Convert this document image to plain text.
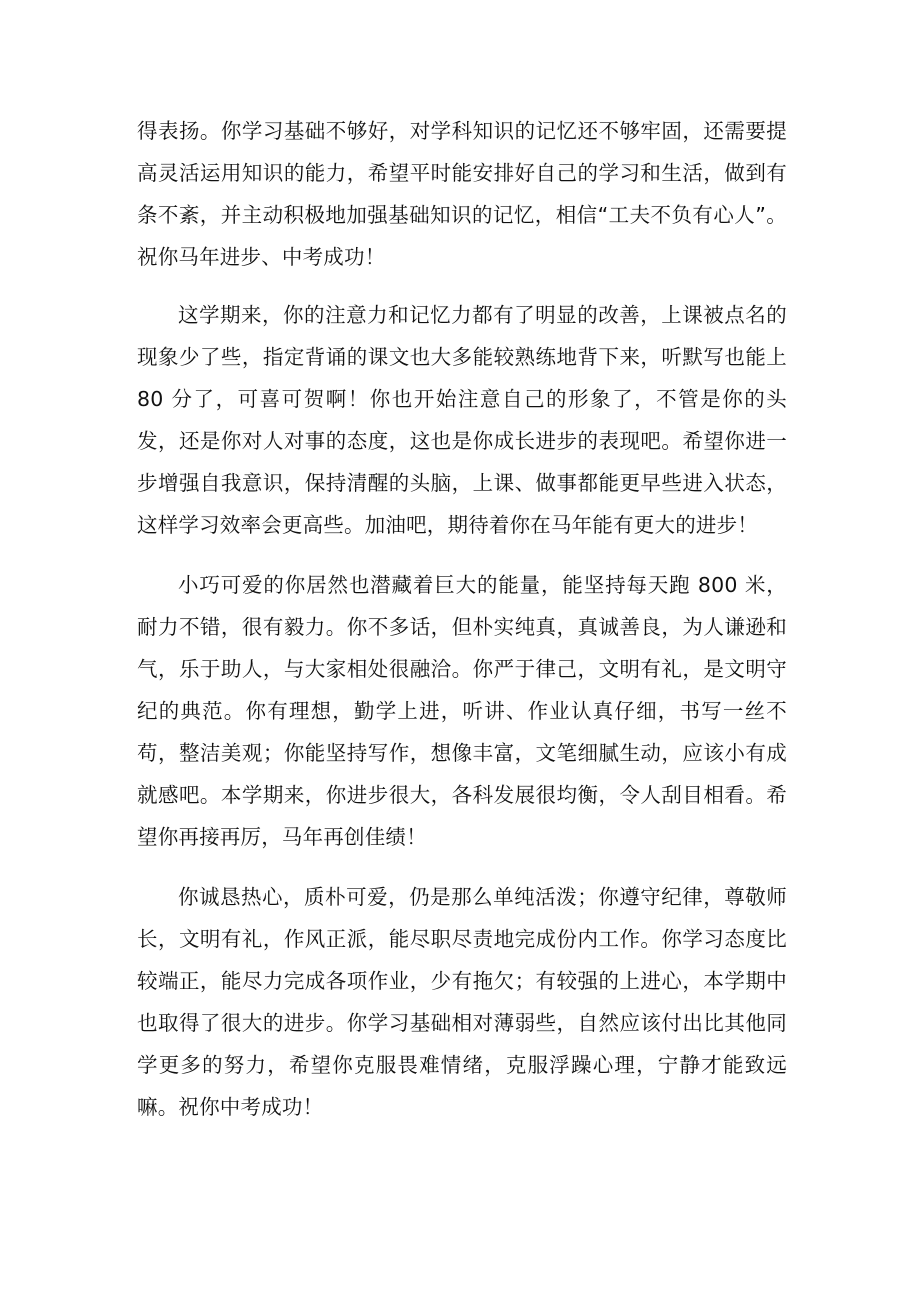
得表扬。你学习基础不够好，对学科知识的记忆还不够牢固，还需要提高灵活运用知识的能力，希望平时能安排好自己的学习和生活，做到有条不紊，并主动积极地加强基础知识的记忆，相信“工夫不负有心人”。祝你马年进步、中考成功！

这学期来，你的注意力和记忆力都有了明显的改善，上课被点名的现象少了些，指定背诵的课文也大多能较熟练地背下来，听默写也能上 80 分了，可喜可贺啊！你也开始注意自己的形象了，不管是你的头发，还是你对人对事的态度，这也是你成长进步的表现吧。希望你进一步增强自我意识，保持清醒的头脑，上课、做事都能更早些进入状态，这样学习效率会更高些。加油吧，期待着你在马年能有更大的进步！

小巧可爱的你居然也潜藏着巨大的能量，能坚持每天跑 800 米，耐力不错，很有毅力。你不多话，但朴实纯真，真诚善良，为人谦逊和气，乐于助人，与大家相处很融洽。你严于律己，文明有礼，是文明守纪的典范。你有理想，勤学上进，听讲、作业认真仔细，书写一丝不苟，整洁美观；你能坚持写作，想像丰富，文笔细腻生动，应该小有成就感吧。本学期来，你进步很大，各科发展很均衡，令人刮目相看。希望你再接再厉，马年再创佳绩！

你诚恳热心，质朴可爱，仍是那么单纯活泼；你遵守纪律，尊敬师长，文明有礼，作风正派，能尽职尽责地完成份内工作。你学习态度比较端正，能尽力完成各项作业，少有拖欠；有较强的上进心，本学期中也取得了很大的进步。你学习基础相对薄弱些，自然应该付出比其他同学更多的努力，希望你克服畏难情绪，克服浮躁心理，宁静才能致远嘛。祝你中考成功！
